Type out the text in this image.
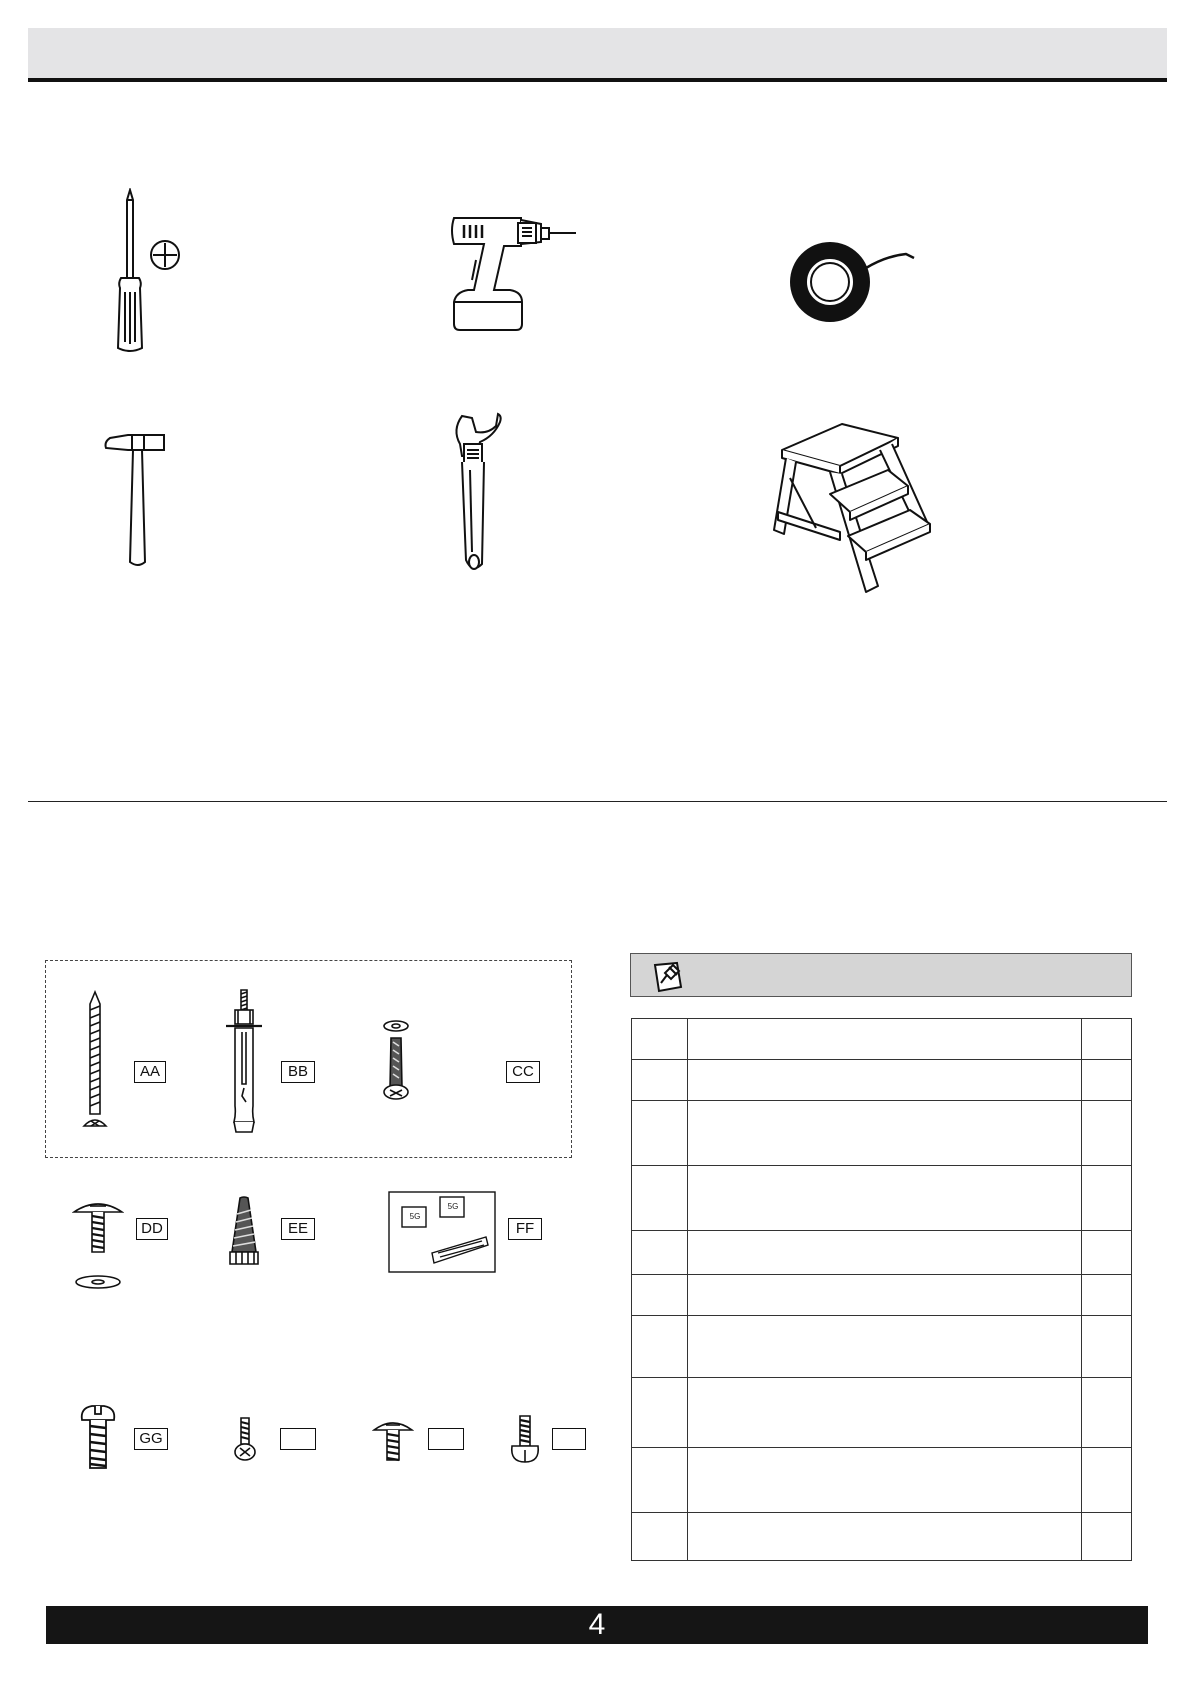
AA	BB	CC
DD	EE
5G
5G
FF
GG

4
